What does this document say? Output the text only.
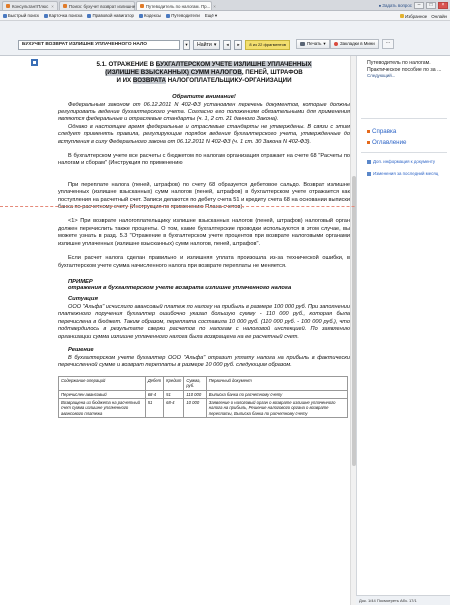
КонсультантПлюс ×	Поиск: бухучет возврат излишне Путеводитель по налогам. Пр... ×	● Задать вопрос	–	□	×
Быстрый поиск Карточка поиска Правовой навигатор Кодексы Путеводители Ещё ▾	Избранное Онлайн
БУХУЧЕТ ВОЗВРАТ ИЗЛИШНЕ УПЛАЧЕННОГО НАЛО	▾	Найти ▾	◂	▸	8 из 22 фрагментов	Печать ▾	Закладки в Мини	···
5.1. ОТРАЖЕНИЕ В БУХГАЛТЕРСКОМ УЧЕТЕ ИЗЛИШНЕ УПЛАЧЕННЫХ
(ИЗЛИШНЕ ВЗЫСКАННЫХ) СУММ НАЛОГОВ, ПЕНЕЙ, ШТРАФОВ
И ИХ ВОЗВРАТА НАЛОГОПЛАТЕЛЬЩИКУ-ОРГАНИЗАЦИИ
Обратите внимание!

Федеральным законом от 06.12.2011 N 402-ФЗ установлен перечень документов, которые должны регулировать ведение бухгалтерского учета. Согласно его положениям обязательными для применения являются федеральные и отраслевые стандарты (ч. 1, 2 ст. 21 данного Закона).

Однако в настоящее время федеральные и отраслевые стандарты не утверждены. В связи с этим следует применять правила, регулирующие порядок ведения бухгалтерского учета, утвержденные до вступления в силу Федерального закона от 06.12.2011 N 402-ФЗ (ч. 1 ст. 30 Закона N 402-ФЗ).

В бухгалтерском учете все расчеты с бюджетом по налогам организация отражает на счете 68 "Расчеты по налогам и сборам" (Инструкция по применению

При переплате налога (пеней, штрафов) по счету 68 образуется дебетовое сальдо. Возврат излишне уплаченных (излишне взысканных) сумм налогов (пеней, штрафов) в бухгалтерском учете отражается как поступления на расчетный счет. Записи делаются по дебету счета 51 и кредиту счета 68 на основании выписки банка по расчетному счету (Инструкция по применению Плана счетов).

<1> При возврате налогоплательщику излишне взысканных налогов (пеней, штрафов) налоговый орган должен перечислить также проценты. О том, какие бухгалтерские проводки используются в этом случае, вы можете узнать в разд. 5.3 "Отражение в бухгалтерском учете процентов при возврате налоговыми органами излишне уплаченных (излишне взысканных) сумм налогов, пеней, штрафов".

Если расчет налога сделан правильно и излишняя уплата произошла из-за технической ошибки, в бухгалтерском учете сумма начисленного налога при возврате переплаты не меняется.

ПРИМЕР
отражения в бухгалтерском учете возврата излишне уплаченного налога
Ситуация

ООО "Альфа" исчислило авансовый платеж по налогу на прибыль в размере 100 000 руб. При заполнении платежного поручения бухгалтер ошибочно указал большую сумму - 110 000 руб., которая была перечислена в бюджет. Таким образом, переплата составила 10 000 руб. (110 000 руб. - 100 000 руб.), что подтвердилось в результате сверки расчетов по налогам с налоговой инспекцией. По заявлению организации сумма излишне уплаченного налога была возвращена на ее расчетный счет.

Решение

В бухгалтерском учете бухгалтер ООО "Альфа" отразит уплату налога на прибыль в фактически перечисленной сумме и возврат переплаты в размере 10 000 руб. следующим образом.

Содержание операций	Дебет	Кредит	Сумма, руб.	Первичный документ
Перечислен авансовый	68-4	51	110 000	Выписка банка по расчетному счету
Возвращена из бюджета на расчетный счет сумма излишне уплаченного авансового платежа	51	68-4	10 000	Заявление о налоговый орган о возврате излишне уплаченного налога на прибыль, Решение налогового органа о возврате переплаты, Выписка банка по расчетному счету
Путеводитель по налогам. Практическое пособие по за ... Следующий...
Справка
Оглавление
Доп. информация к документу
Изменения за последний месяц
Док. 1/44 Посмотреть Абз. 17/1
